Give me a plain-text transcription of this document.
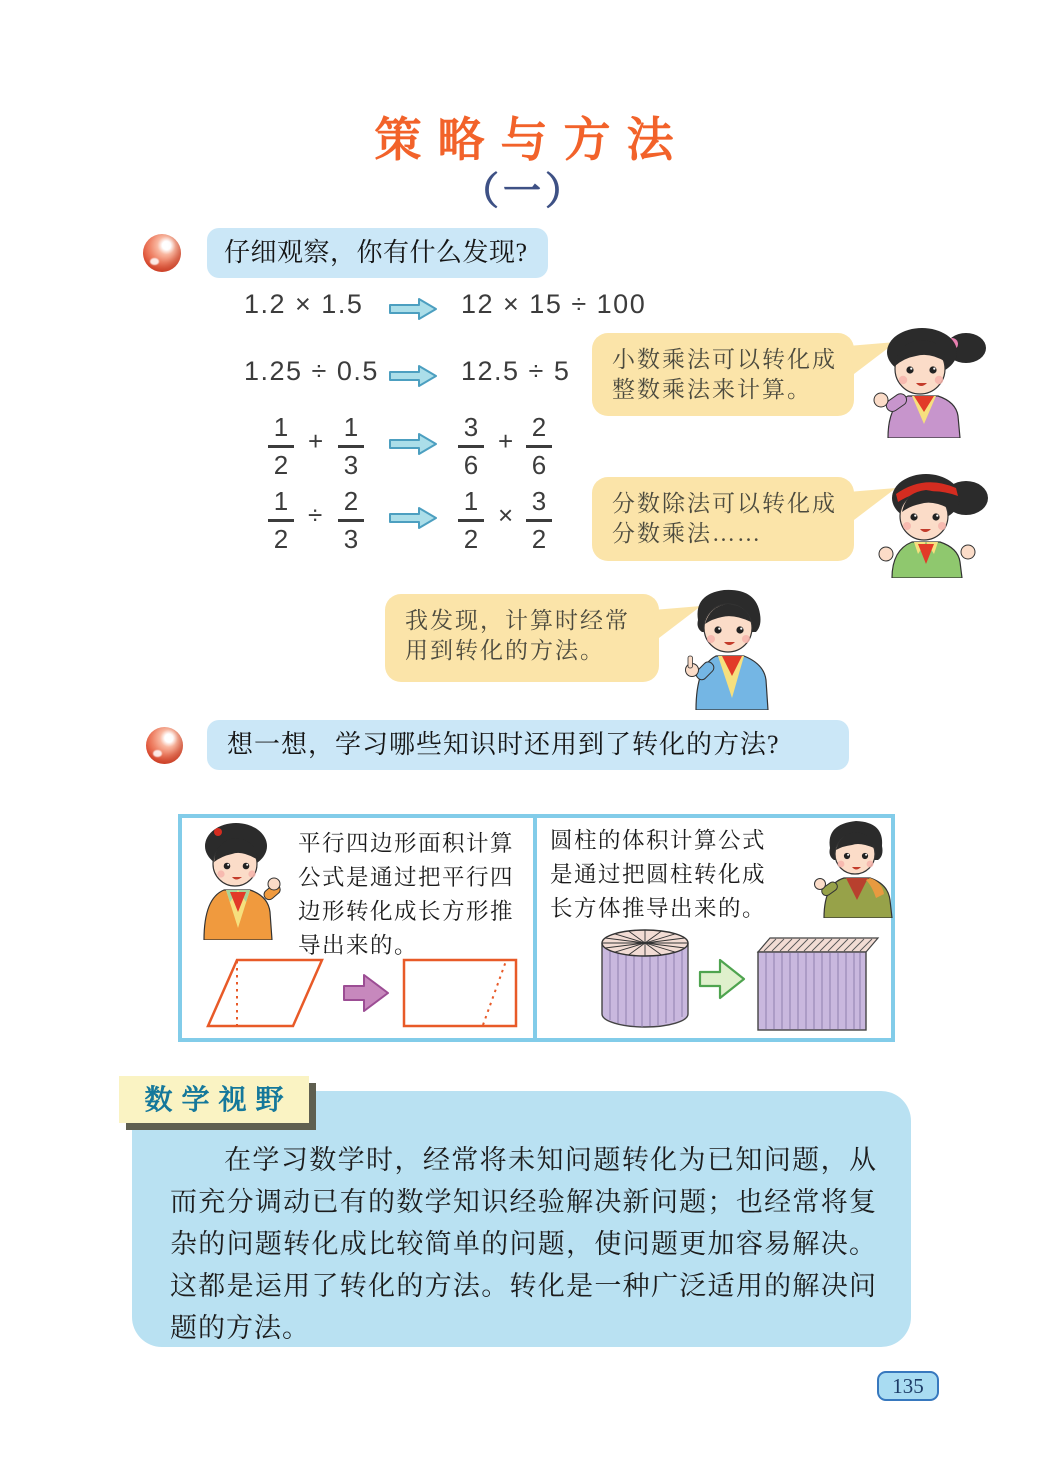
策略与方法
（一）
仔细观察，你有什么发现?
1.2 × 1.5	12 × 15 ÷ 100
1.25 ÷ 0.5	12.5 ÷ 5
1
2
+ 1
3
3
6
+ 2
6
1
2
÷ 2
3
1
2
× 3
2
小数乘法可以转化成
整数乘法来计算。
分数除法可以转化成
分数乘法……
我发现，计算时经常
用到转化的方法。
想一想，学习哪些知识时还用到了转化的方法?
平行四边形面积计算公式是通过把平行四边形转化成长方形推导出来的。
圆柱的体积计算公式是通过把圆柱转化成长方体推导出来的。
在学习数学时，经常将未知问题转化为已知问题，从而充分调动已有的数学知识经验解决新问题；也经常将复杂的问题转化成比较简单的问题，使问题更加容易解决。这都是运用了转化的方法。转化是一种广泛适用的解决问题的方法。
数学视野
135
